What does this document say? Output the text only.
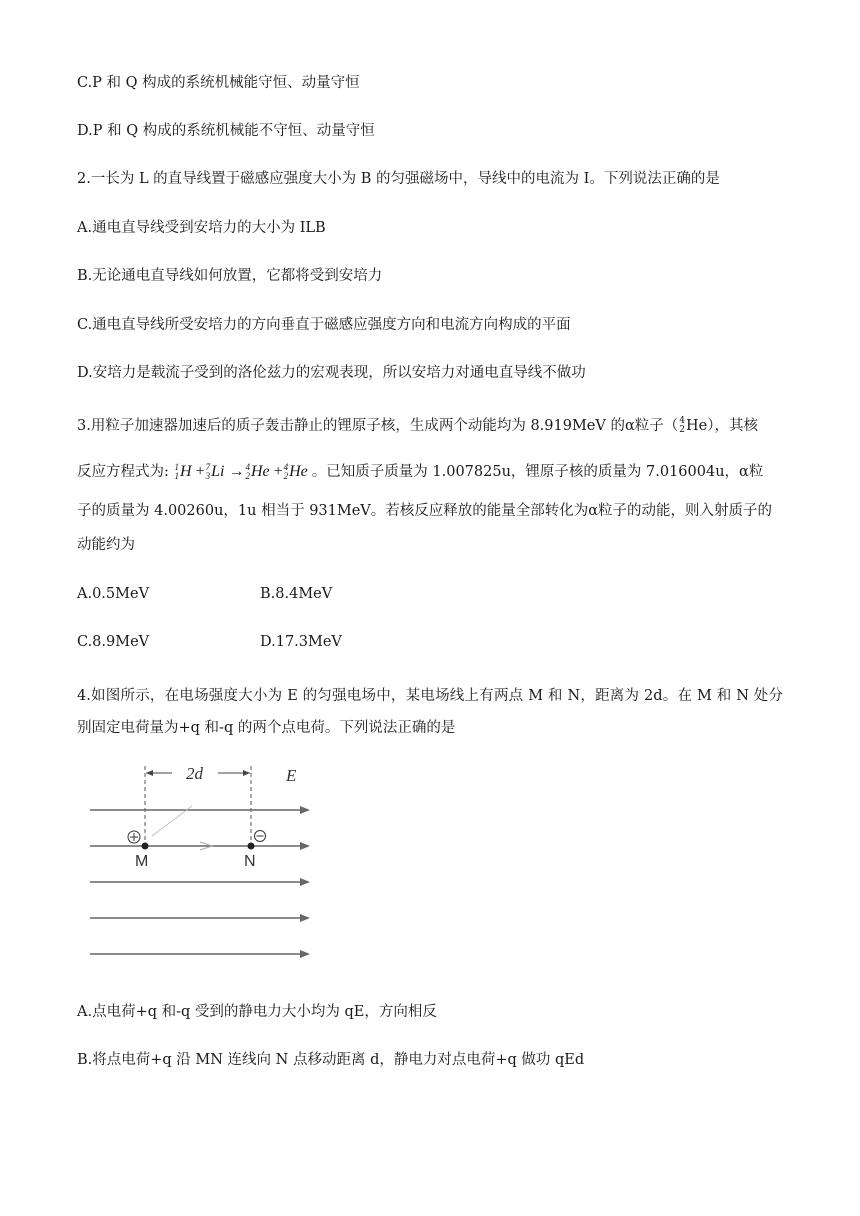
C.P 和 Q 构成的系统机械能守恒、动量守恒
D.P 和 Q 构成的系统机械能不守恒、动量守恒
2.一长为 L 的直导线置于磁感应强度大小为 B 的匀强磁场中，导线中的电流为 I。下列说法正确的是
A.通电直导线受到安培力的大小为 ILB
B.无论通电直导线如何放置，它都将受到安培力
C.通电直导线所受安培力的方向垂直于磁感应强度方向和电流方向构成的平面
D.安培力是载流子受到的洛伦兹力的宏观表现，所以安培力对通电直导线不做功
3.用粒子加速器加速后的质子轰击静止的锂原子核，生成两个动能均为 8.919MeV 的α粒子（ 4
2 He），其核
反应方程式为: 1
1 H + 7
3 Li → 4
2 He + 4
2 He 。已知质子质量为 1.007825u，锂原子核的质量为 7.016004u，α粒
子的质量为 4.00260u，1u 相当于 931MeV。若核反应释放的能量全部转化为α粒子的动能，则入射质子的
动能约为
A.0.5MeV	B.8.4MeV
C.8.9MeV	D.17.3MeV
4.如图所示，在电场强度大小为 E 的匀强电场中，某电场线上有两点 M 和 N，距离为 2d。在 M 和 N 处分别固定电荷量为+q 和-q 的两个点电荷。下列说法正确的是
2d	E
M	N
A.点电荷+q 和-q 受到的静电力大小均为 qE，方向相反
B.将点电荷+q 沿 MN 连线向 N 点移动距离 d，静电力对点电荷+q 做功 qEd
